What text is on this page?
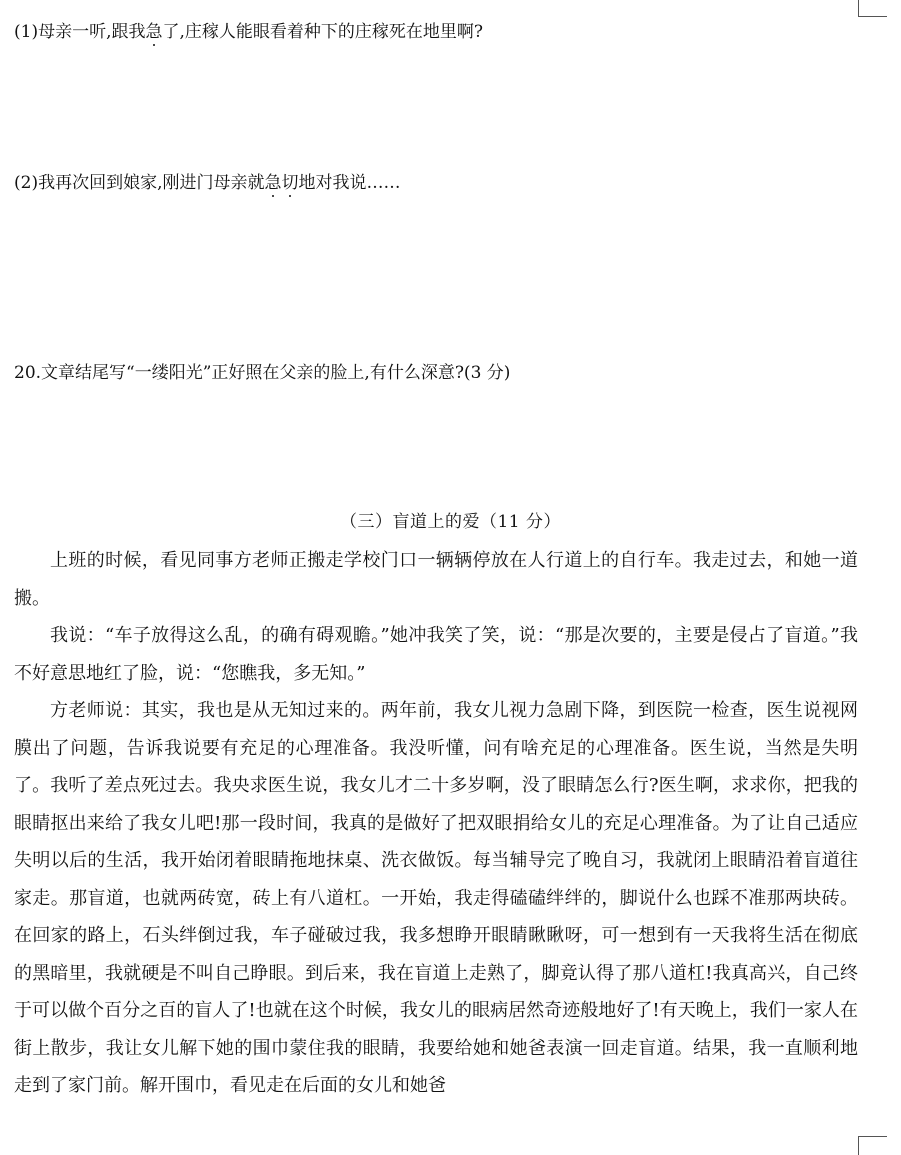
(1)母亲一听,跟我急了,庄稼人能眼看着种下的庄稼死在地里啊?
(2)我再次回到娘家,刚进门母亲就急切地对我说……
20.文章结尾写“一缕阳光”正好照在父亲的脸上,有什么深意?(3 分)
（三）盲道上的爱（11 分）

上班的时候，看见同事方老师正搬走学校门口一辆辆停放在人行道上的自行车。我走过去，和她一道搬。

我说：“车子放得这么乱，的确有碍观瞻。”她冲我笑了笑，说：“那是次要的，主要是侵占了盲道。”我不好意思地红了脸，说：“您瞧我，多无知。”

方老师说：其实，我也是从无知过来的。两年前，我女儿视力急剧下降，到医院一检查，医生说视网膜出了问题，告诉我说要有充足的心理准备。我没听懂，问有啥充足的心理准备。医生说，当然是失明了。我听了差点死过去。我央求医生说，我女儿才二十多岁啊，没了眼睛怎么行?医生啊，求求你，把我的眼睛抠出来给了我女儿吧!那一段时间，我真的是做好了把双眼捐给女儿的充足心理准备。为了让自己适应失明以后的生活，我开始闭着眼睛拖地抹桌、洗衣做饭。每当辅导完了晚自习，我就闭上眼睛沿着盲道往家走。那盲道，也就两砖宽，砖上有八道杠。一开始，我走得磕磕绊绊的，脚说什么也踩不准那两块砖。在回家的路上，石头绊倒过我，车子碰破过我，我多想睁开眼睛瞅瞅呀，可一想到有一天我将生活在彻底的黑暗里，我就硬是不叫自己睁眼。到后来，我在盲道上走熟了，脚竟认得了那八道杠!我真高兴，自己终于可以做个百分之百的盲人了!也就在这个时候，我女儿的眼病居然奇迹般地好了!有天晚上，我们一家人在街上散步，我让女儿解下她的围巾蒙住我的眼睛，我要给她和她爸表演一回走盲道。结果，我一直顺利地走到了家门前。解开围巾，看见走在后面的女儿和她爸
